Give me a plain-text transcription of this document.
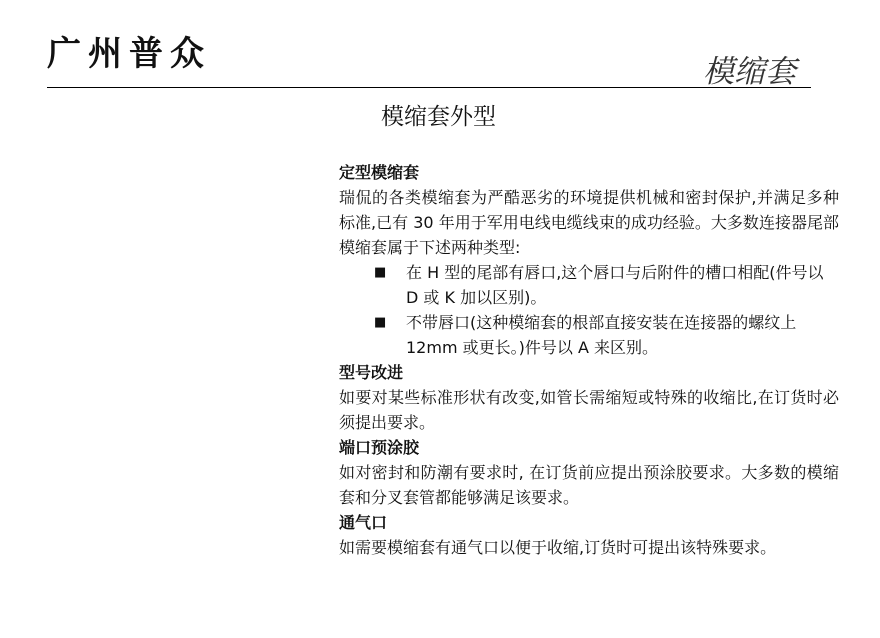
广州普众	模缩套
模缩套外型
定型模缩套
瑞侃的各类模缩套为严酷恶劣的环境提供机械和密封保护,并满足多种标准,已有 30 年用于军用电线电缆线束的成功经验。大多数连接器尾部模缩套属于下述两种类型:
■	在 H 型的尾部有唇口,这个唇口与后附件的槽口相配(件号以 D 或 K 加以区别)。
■	不带唇口(这种模缩套的根部直接安装在连接器的螺纹上 12mm 或更长。)件号以 A 来区别。
型号改进
如要对某些标准形状有改变,如管长需缩短或特殊的收缩比,在订货时必须提出要求。
端口预涂胶
如对密封和防潮有要求时, 在订货前应提出预涂胶要求。大多数的模缩套和分叉套管都能够满足该要求。
通气口
如需要模缩套有通气口以便于收缩,订货时可提出该特殊要求。
